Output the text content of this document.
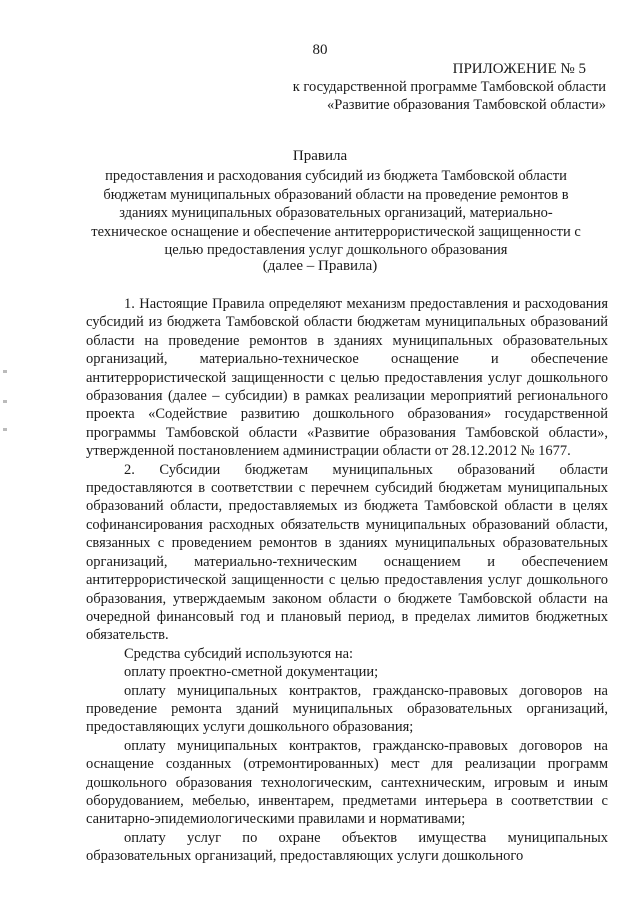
80
ПРИЛОЖЕНИЕ № 5
к государственной программе Тамбовской области
«Развитие образования Тамбовской области»
Правила
предоставления и расходования субсидий из бюджета Тамбовской области бюджетам муниципальных образований области на проведение ремонтов в зданиях муниципальных образовательных организаций, материально-техническое оснащение и обеспечение антитеррористической защищенности с целью предоставления услуг дошкольного образования
(далее – Правила)

1. Настоящие Правила определяют механизм предоставления и расходования субсидий из бюджета Тамбовской области бюджетам муниципальных образований области на проведение ремонтов в зданиях муниципальных образовательных организаций, материально-техническое оснащение и обеспечение антитеррористической защищенности с целью предоставления услуг дошкольного образования (далее – субсидии) в рамках реализации мероприятий регионального проекта «Содействие развитию дошкольного образования» государственной программы Тамбовской области «Развитие образования Тамбовской области», утвержденной постановлением администрации области от 28.12.2012 № 1677.

2. Субсидии бюджетам муниципальных образований области предоставляются в соответствии с перечнем субсидий бюджетам муниципальных образований области, предоставляемых из бюджета Тамбовской области в целях софинансирования расходных обязательств муниципальных образований области, связанных с проведением ремонтов в зданиях муниципальных образовательных организаций, материально-техническим оснащением и обеспечением антитеррористической защищенности с целью предоставления услуг дошкольного образования, утверждаемым законом области о бюджете Тамбовской области на очередной финансовый год и плановый период, в пределах лимитов бюджетных обязательств.

Средства субсидий используются на:

оплату проектно-сметной документации;

оплату муниципальных контрактов, гражданско-правовых договоров на проведение ремонта зданий муниципальных образовательных организаций, предоставляющих услуги дошкольного образования;

оплату муниципальных контрактов, гражданско-правовых договоров на оснащение созданных (отремонтированных) мест для реализации программ дошкольного образования технологическим, сантехническим, игровым и иным оборудованием, мебелью, инвентарем, предметами интерьера в соответствии с санитарно-эпидемиологическими правилами и нормативами;

оплату услуг по охране объектов имущества муниципальных образовательных организаций, предоставляющих услуги дошкольного
